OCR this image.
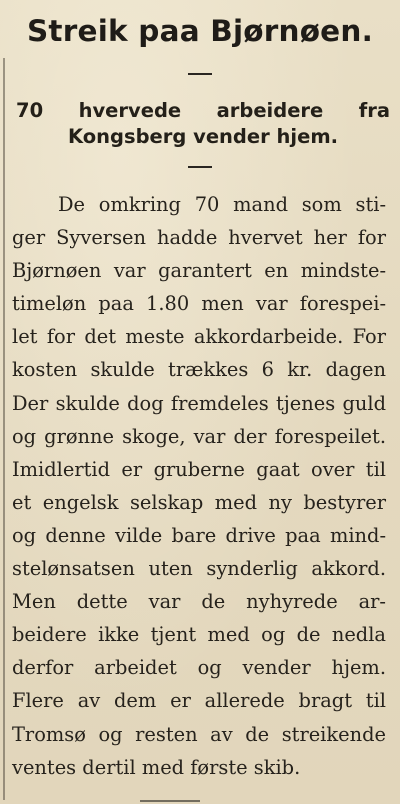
Streik paa Bjørnøen.
70 hvervede arbeidere fra
Kongsberg vender hjem.
De omkring 70 mand som sti-
ger Syversen hadde hvervet her for
Bjørnøen var garantert en mindste-
timeløn paa 1.80 men var forespei-
let for det meste akkordarbeide. For
kosten skulde trækkes 6 kr. dagen
Der skulde dog fremdeles tjenes guld
og grønne skoge, var der forespeilet.
Imidlertid er gruberne gaat over til
et engelsk selskap med ny bestyrer
og denne vilde bare drive paa mind-
stelønsatsen uten synderlig akkord.
Men dette var de nyhyrede ar-
beidere ikke tjent med og de nedla
derfor arbeidet og vender hjem.
Flere av dem er allerede bragt til
Tromsø og resten av de streikende
ventes dertil med første skib.
